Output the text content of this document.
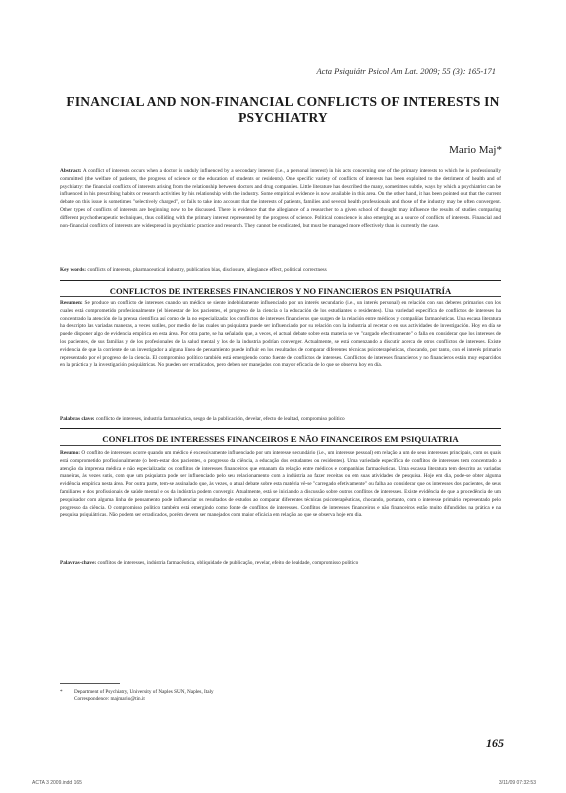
Acta Psiquiátr Psicol Am Lat. 2009; 55 (3): 165-171
FINANCIAL AND NON-FINANCIAL CONFLICTS OF INTERESTS IN PSYCHIATRY
Mario Maj*
Abstract: A conflict of interests occurs when a doctor is unduly influenced by a secondary interest (i.e., a personal interest) in his acts concerning one of the primary interests to which he is professionally committed (the welfare of patients, the progress of science or the education of students or residents). One specific variety of conflicts of interests has been exploited to the detriment of health and of psychiatry: the financial conflicts of interests arising from the relationship between doctors and drug companies. Little literature has described the many, sometimes subtle, ways by which a psychiatrist can be influenced in his prescribing habits or research activities by his relationship with the industry. Some empirical evidence is now available in this area. On the other hand, it has been pointed out that the current debate on this issue is sometimes "selectively charged", or fails to take into account that the interests of patients, families and several health professionals and those of the industry may be often convergent. Other types of conflicts of interests are beginning now to be discussed. There is evidence that the allegiance of a researcher to a given school of thought may influence the results of studies comparing different psychotherapeutic techniques, thus colliding with the primary interest represented by the progress of science. Political conscience is also emerging as a source of conflicts of interests. Financial and non-financial conflicts of interests are widespread in psychiatric practice and research. They cannot be eradicated, but must be managed more effectively than is currently the case.
Key words: conflicts of interests, pharmaceutical industry, publication bias, disclosure, allegiance effect, political correctness
CONFLICTOS DE INTERESES FINANCIEROS Y NO FINANCIEROS EN PSIQUIATRÍA
Resumen: Se produce un conflicto de intereses cuando un médico se siente indebidamente influenciado por un interés secundario (i.e., un interés personal) en relación con sus deberes primarios con los cuales está comprometido profesionalmente (el bienestar de los pacientes, el progreso de la ciencia o la educación de los estudiantes o residentes). Una variedad específica de conflictos de intereses ha concentrado la atención de la prensa científica así como de la no especializada: los conflictos de intereses financieros que surgen de la relación entre médicos y compañías farmacéuticas. Una escasa literatura ha descripto las variadas maneras, a veces sutiles, por medio de las cuales un psiquiatra puede ser influenciado por su relación con la industria al recetar o en sus actividades de investigación. Hoy en día se puede disponer algo de evidencia empírica en esta área. Por otra parte, se ha señalado que, a veces, el actual debate sobre esta materia se ve "cargado efectivamente" o falla en considerar que los intereses de los pacientes, de sus familias y de los profesionales de la salud mental y los de la industria podrían converger. Actualmente, se está comenzando a discutir acerca de otros conflictos de intereses. Existe evidencia de que la corriente de un investigador a alguna línea de pensamiento puede influir en los resultados de comparar diferentes técnicas psicoterapéuticas, chocando, por tanto, con el interés primario representado por el progreso de la ciencia. El compromiso político también está emergiendo como fuente de conflictos de intereses. Conflictos de intereses financieros y no financieros están muy esparcidos en la práctica y la investigación psiquiátricas. No pueden ser erradicados, pero deben ser manejados con mayor eficacia de lo que se observa hoy en día.
Palabras clave: conflicto de intereses, industria farmacéutica, sesgo de la publicación, develar, efecto de lealtad, compromiso político
CONFLITOS DE INTERESSES FINANCEIROS E NÃO FINANCEIROS EM PSIQUIATRIA
Resumo: O conflito de interesses ocorre quando um médico é excessivamente influenciado por um interesse secundário (i.e., um interesse pessoal) em relação a um de seus interesses principais, com os quais está comprometido profissionalmente (o bem-estar dos pacientes, o progresso da ciência, a educação dos estudantes ou residentes). Uma variedade específica de conflitos de interesses tem concentrado a atenção da imprensa médica e não especializada: os conflitos de interesses financeiros que emanam da relação entre médicos e companhias farmacêuticas. Uma escassa literatura tem descrito as variadas maneiras, às vezes sutis, com que um psiquiatra pode ser influenciado pelo seu relacionamento com a indústria ao fazer receitas ou em suas atividades de pesquisa. Hoje em dia, pode-se obter alguma evidência empírica nesta área. Por outra parte, tem-se assinalado que, às vezes, o atual debate sobre esta matéria vê-se "carregado efetivamente" ou falha ao considerar que os interesses dos pacientes, de seus familiares e dos profissionais de saúde mental e os da indústria podem convergir. Atualmente, está se iniciando a discussão sobre outros conflitos de interesses. Existe evidência de que a procedência de um pesquisador com alguma linha de pensamento pode influenciar os resultados de estudos ao comparar diferentes técnicas psicoterapêuticas, chocando, portanto, com o interesse primário representado pelo progresso da ciência. O compromisso político também está emergindo como fonte de conflitos de interesses. Conflitos de interesses financeiros e não financeiros estão muito difundidos na prática e na pesquisa psiquiátricas. Não podem ser erradicados, porém devem ser manejados com maior eficácia em relação ao que se observa hoje em dia.
Palavras-chave: conflitos de interesses, indústria farmacêutica, obliquidade de publicação, revelar, efeito de lealdade, compromisso político
* Department of Psychiatry, University of Naples SUN, Naples, Italy
Correspondence: majmario@tin.it
165
ACTA 3 2009.indd 165	3/11/09 07:32:53
